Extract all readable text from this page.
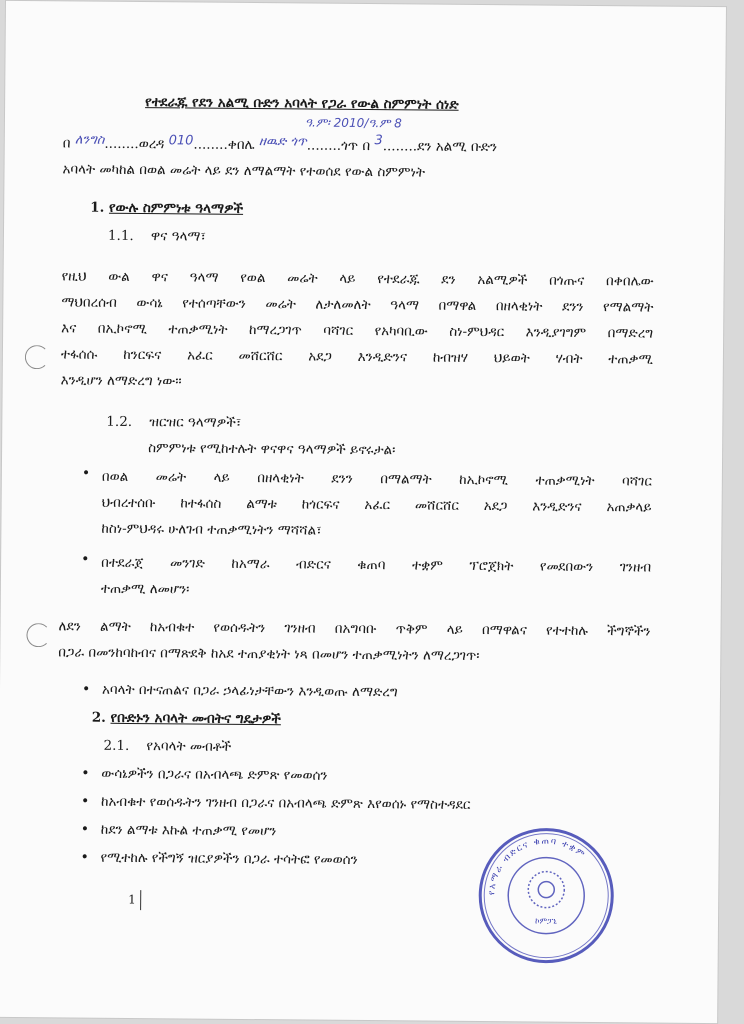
የተደራጁ የደን አልሚ ቡድን አባላት የጋራ የውል ስምምነት ሰነድ
ዓ.ም፡ 2010/ዓ.ም 8
በ ለንግስ........ወረዳ 010........ቀበሌ ዘዉድ ጎጥ........ጎጥ በ 3........ደን አልሚ ቡድን
አባላት መካከል በወል መሬት ላይ ደን ለማልማት የተወሰደ የውል ስምምነት
1. የውሉ ስምምነቱ ዓላማዎች
1.1. ዋና ዓላማ፣
የዚህ ውል ዋና ዓላማ የወል መሬት ላይ የተደራጁ ደን አልሚዎች በጎጡና በቀበሌው
ማህበረሰብ ውሳኔ የተሰጣቸውን መሬት ለታለመለት ዓላማ በማዋል በዘላቂነት ደንን የማልማት
እና በኢኮኖሚ ተጠቃሚነት ከማረጋገጥ ባሻገር የአካባቢው ስነ-ምህዳር እንዲያገግም በማድረግ
ተፋሰሱ ከንርፍና አፈር መሸርሸር አደጋ እንዲድንና ከብዝሃ ህይወት ሃብት ተጠቃሚ
እንዲሆን ለማድረግ ነው፡፡
1.2. ዝርዝር ዓላማዎች፣
ስምምነቱ የሚከተሉት ዋናዋና ዓላማዎች ይኖሩታል፡
• በወል መሬት ላይ በዘላቂነት ደንን በማልማት ከኢኮኖሚ ተጠቃሚነት ባሻገር
ህብረተሰቡ ከተፋሰስ ልማቱ ከጎርፍና አፈር መሸርሸር አደጋ እንዲድንና አጠቃላይ
ከስነ-ምህዳሩ ሁለገብ ተጠቃሚነትን ማሻሻል፣
• በተደራጀ መንገድ ከአማራ ብድርና ቁጠባ ተቋም ፕሮጀክት የመደበውን ገንዘብ
ተጠቃሚ ለመሆን፡
ለደን ልማት ከአብቁተ የወሰዱትን ገንዘብ በአግባቡ ጥቅም ላይ በማዋልና የተተከሉ ችግኞችን
በጋራ በመንከባከብና በማጽደቅ ከአደ ተጠያቂነት ነጻ በመሆን ተጠቃሚነትን ለማረጋገጥ፡
• አባላት በተናጠልና በጋራ ኃላፊነታቸውን እንዲወጡ ለማድረግ
2. የቡድኑን አባላት መብትና ግዴታዎች
2.1. የአባላት መብቶች
• ውሳኔዎችን በጋራና በአብላጫ ድምጽ የመወሰን
• ከአብቁተ የወሰዱትን ገንዘብ በጋራና በአብላጫ ድምጽ እየወሰኑ የማስተዳደር
• ከደን ልማቱ እኩል ተጠቃሚ የመሆን
• የሚተከሉ የችግኝ ዝርያዎችን በጋራ ተሳትፎ የመወሰን
1
የአማራ ብድርና ቁጠባ ተቋም
ኮምፓኒ
